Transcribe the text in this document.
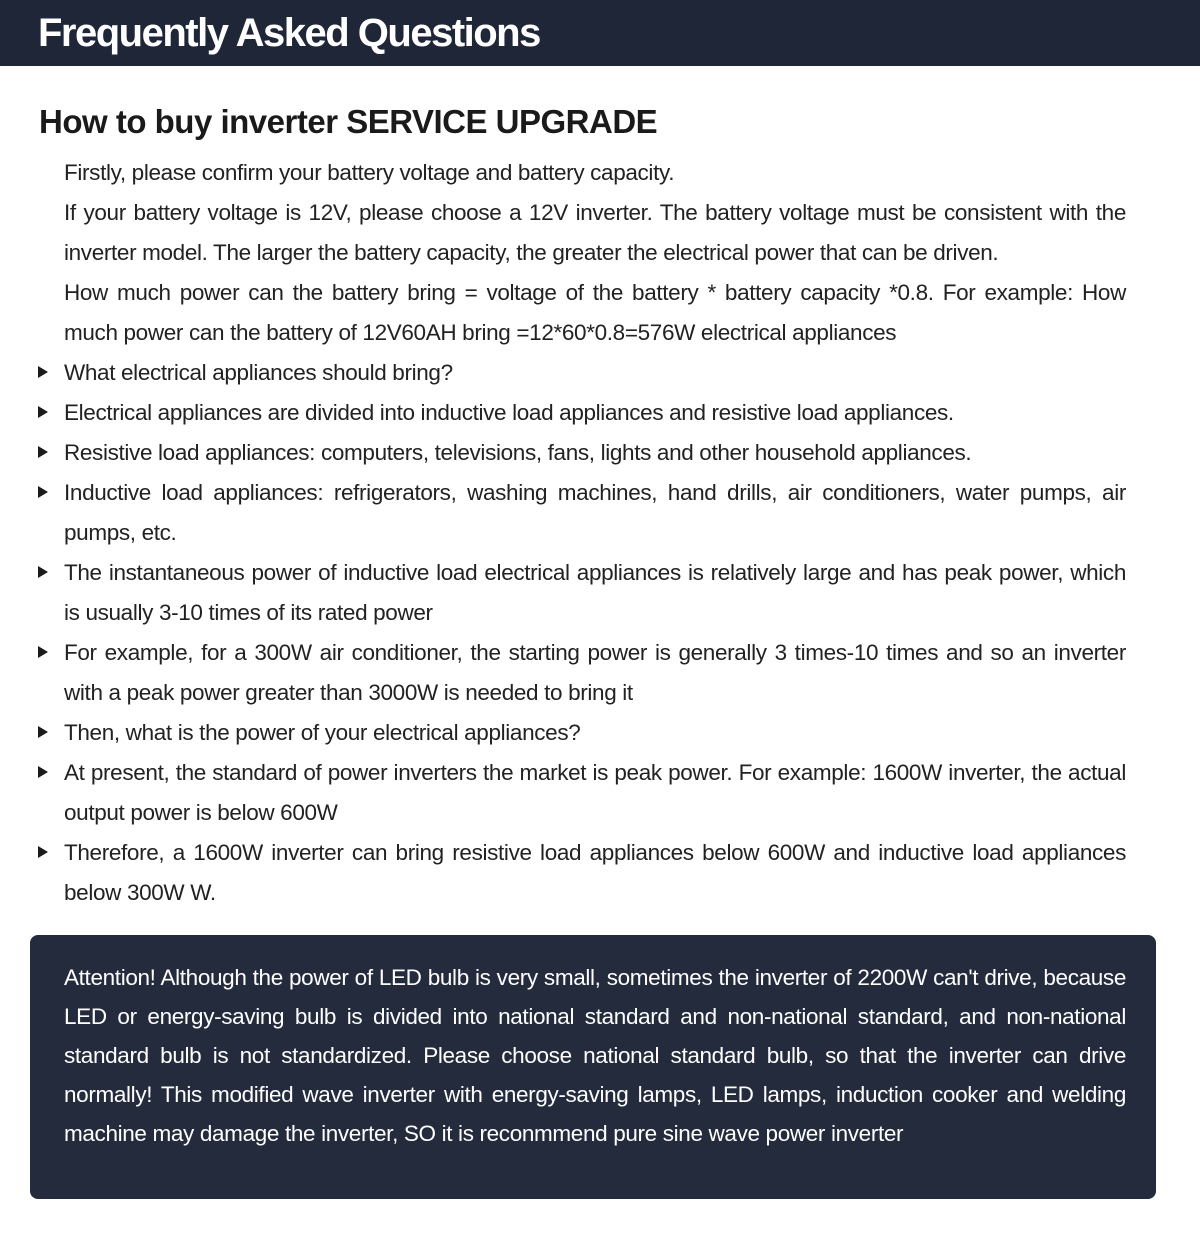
Frequently Asked Questions
How to buy inverter SERVICE UPGRADE

Firstly, please confirm your battery voltage and battery capacity.

If your battery voltage is 12V, please choose a 12V inverter. The battery voltage must be consistent with the inverter model. The larger the battery capacity, the greater the electrical power that can be driven.

How much power can the battery bring = voltage of the battery * battery capacity *0.8. For example: How much power can the battery of 12V60AH bring =12*60*0.8=576W electrical appliances

What electrical appliances should bring?

Electrical appliances are divided into inductive load appliances and resistive load appliances.

Resistive load appliances: computers, televisions, fans, lights and other household appliances.

Inductive load appliances: refrigerators, washing machines, hand drills, air conditioners, water pumps, air pumps, etc.

The instantaneous power of inductive load electrical appliances is relatively large and has peak power, which is usually 3-10 times of its rated power

For example, for a 300W air conditioner, the starting power is generally 3 times-10 times and so an inverter with a peak power greater than 3000W is needed to bring it

Then, what is the power of your electrical appliances?

At present, the standard of power inverters the market is peak power. For example: 1600W inverter, the actual output power is below 600W

Therefore, a 1600W inverter can bring resistive load appliances below 600W and inductive load appliances below 300W W.

Attention! Although the power of LED bulb is very small, sometimes the inverter of 2200W can't drive, because LED or energy-saving bulb is divided into national standard and non-national standard, and non-national standard bulb is not standardized. Please choose national standard bulb, so that the inverter can drive normally! This modified wave inverter with energy-saving lamps, LED lamps, induction cooker and welding machine may damage the inverter, SO it is reconmmend pure sine wave power inverter
